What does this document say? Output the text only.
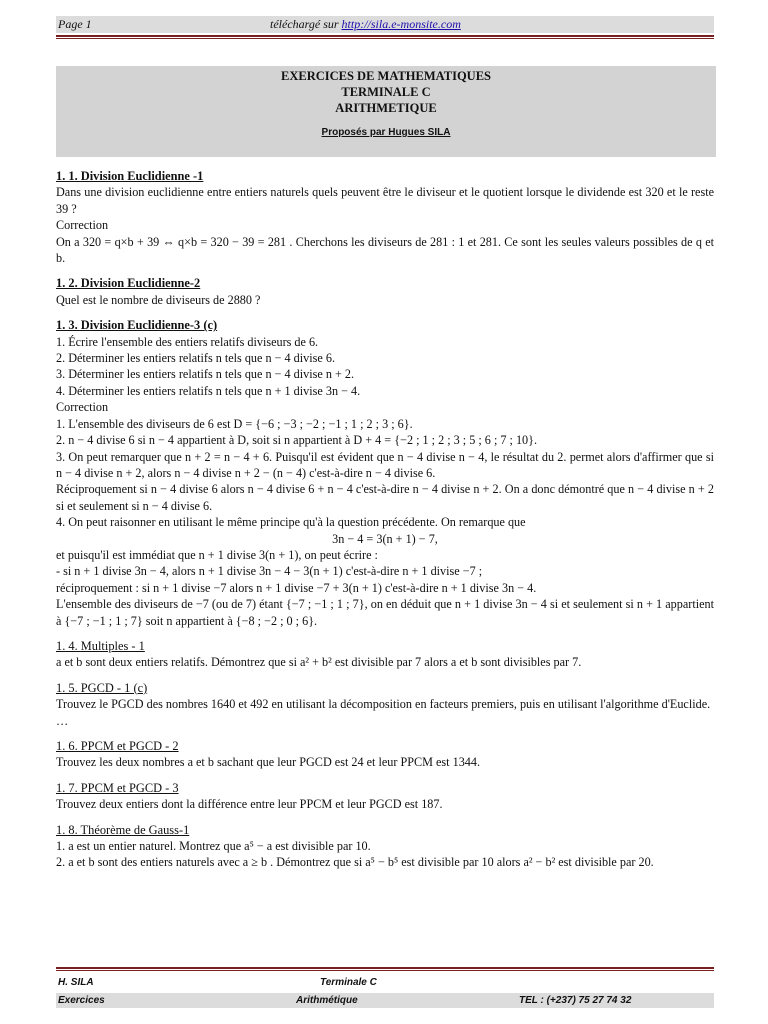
Page 1	téléchargé sur http://sila.e-monsite.com
EXERCICES DE MATHEMATIQUES
TERMINALE C
ARITHMETIQUE
Proposés par Hugues SILA
1. 1. Division Euclidienne -1

Dans une division euclidienne entre entiers naturels quels peuvent être le diviseur et le quotient lorsque le dividende est 320 et le reste 39 ?

Correction

On a 320 = q×b + 39 ⇔ q×b = 320 − 39 = 281 . Cherchons les diviseurs de 281 : 1 et 281. Ce sont les seules valeurs possibles de q et b.

1. 2. Division Euclidienne-2

Quel est le nombre de diviseurs de 2880 ?

1. 3. Division Euclidienne-3 (c)

1. Écrire l'ensemble des entiers relatifs diviseurs de 6.

2. Déterminer les entiers relatifs n tels que n − 4 divise 6.

3. Déterminer les entiers relatifs n tels que n − 4 divise n + 2.

4. Déterminer les entiers relatifs n tels que n + 1 divise 3n − 4.

Correction

1. L'ensemble des diviseurs de 6 est D = {−6 ; −3 ; −2 ; −1 ; 1 ; 2 ; 3 ; 6}.

2. n − 4 divise 6 si n − 4 appartient à D, soit si n appartient à D + 4 = {−2 ; 1 ; 2 ; 3 ; 5 ; 6 ; 7 ; 10}.

3. On peut remarquer que n + 2 = n − 4 + 6. Puisqu'il est évident que n − 4 divise n − 4, le résultat du 2. permet alors d'affirmer que si n − 4 divise n + 2, alors n − 4 divise n + 2 − (n − 4) c'est-à-dire n − 4 divise 6.

Réciproquement si n − 4 divise 6 alors n − 4 divise 6 + n − 4 c'est-à-dire n − 4 divise n + 2. On a donc démontré que n − 4 divise n + 2 si et seulement si n − 4 divise 6.

4. On peut raisonner en utilisant le même principe qu'à la question précédente. On remarque que

3n − 4 = 3(n + 1) − 7,

et puisqu'il est immédiat que n + 1 divise 3(n + 1), on peut écrire :

- si n + 1 divise 3n − 4, alors n + 1 divise 3n − 4 − 3(n + 1) c'est-à-dire n + 1 divise −7 ;

réciproquement : si n + 1 divise −7 alors n + 1 divise −7 + 3(n + 1) c'est-à-dire n + 1 divise 3n − 4.

L'ensemble des diviseurs de −7 (ou de 7) étant {−7 ; −1 ; 1 ; 7}, on en déduit que n + 1 divise 3n − 4 si et seulement si n + 1 appartient à {−7 ; −1 ; 1 ; 7} soit n appartient à {−8 ; −2 ; 0 ; 6}.

1. 4. Multiples - 1

a et b sont deux entiers relatifs. Démontrez que si a² + b² est divisible par 7 alors a et b sont divisibles par 7.

1. 5. PGCD - 1 (c)

Trouvez le PGCD des nombres 1640 et 492 en utilisant la décomposition en facteurs premiers, puis en utilisant l'algorithme d'Euclide.

…

1. 6. PPCM et PGCD - 2

Trouvez les deux nombres a et b sachant que leur PGCD est 24 et leur PPCM est 1344.

1. 7. PPCM et PGCD - 3

Trouvez deux entiers dont la différence entre leur PPCM et leur PGCD est 187.

1. 8. Théorème de Gauss-1

1. a est un entier naturel. Montrez que a⁵ − a est divisible par 10.

2. a et b sont des entiers naturels avec a ≥ b . Démontrez que si a⁵ − b⁵ est divisible par 10 alors a² − b² est divisible par 20.

H. SILA	Terminale C
Exercices	Arithmétique	TEL : (+237) 75 27 74 32
